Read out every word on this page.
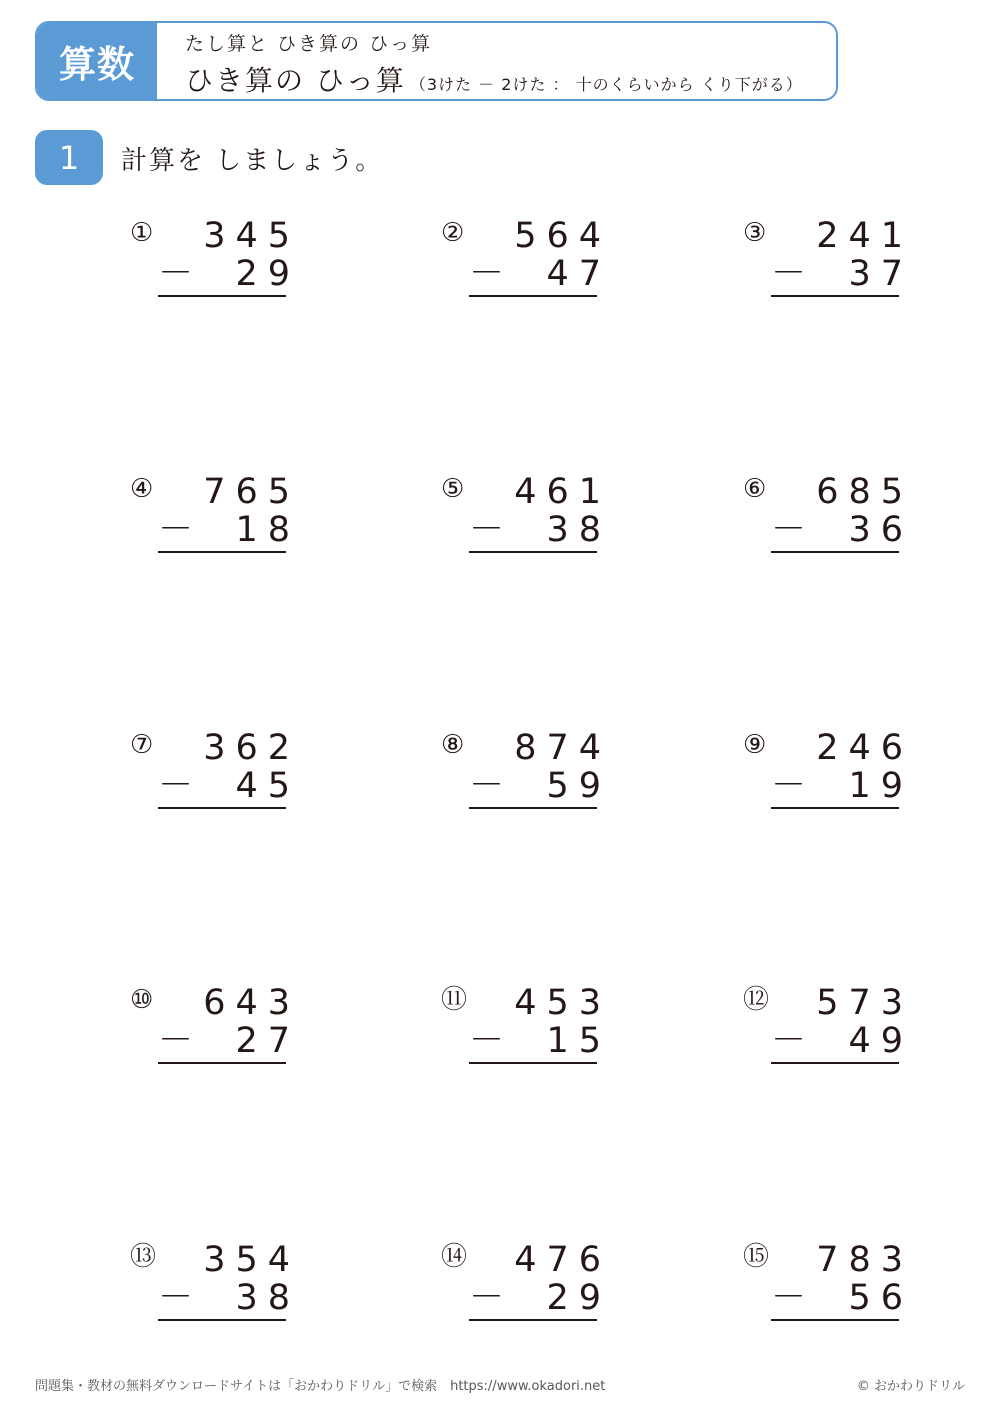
算数	たし算と ひき算の ひっ算
ひき算の ひっ算 （3けた － 2けた ： 十のくらいから くり下がる）
1	計算を しましょう。
① 345
－ 29
② 564
－ 47
③ 241
－ 37
④ 765
－ 18
⑤ 461
－ 38
⑥ 685
－ 36
⑦ 362
－ 45
⑧ 874
－ 59
⑨ 246
－ 19
⑩ 643
－ 27
⑪ 453
－ 15
⑫ 573
－ 49
⑬ 354
－ 38
⑭ 476
－ 29
⑮ 783
－ 56
問題集・教材の無料ダウンロードサイトは「おかわりドリル」で検索　https://www.okadori.net	© おかわりドリル
